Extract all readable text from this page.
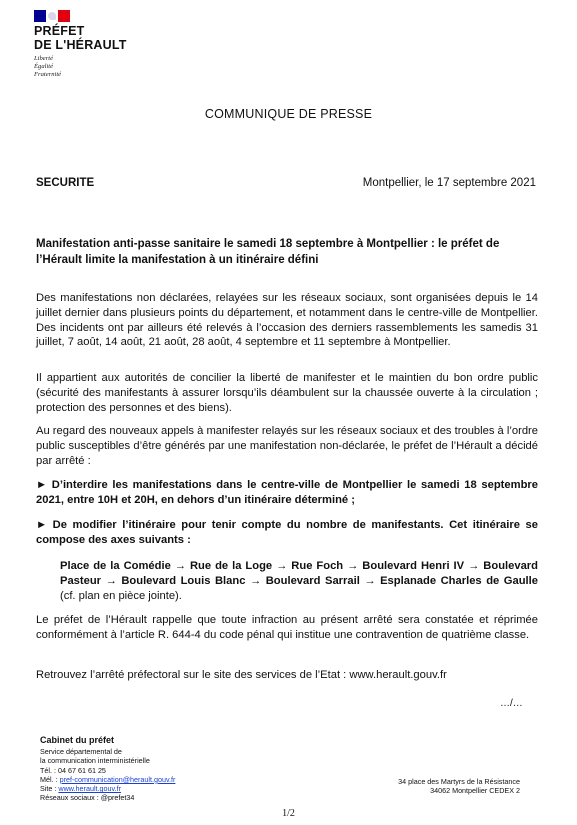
PRÉFET
DE L'HÉRAULT
Liberté
Égalité
Fraternité
COMMUNIQUE DE PRESSE
SECURITE	Montpellier, le 17 septembre 2021
Manifestation anti-passe sanitaire le samedi 18 septembre à Montpellier : le préfet de l’Hérault limite la manifestation à un itinéraire défini
Des manifestations non déclarées, relayées sur les réseaux sociaux, sont organisées depuis le 14 juillet dernier dans plusieurs points du département, et notamment dans le centre-ville de Montpellier. Des incidents ont par ailleurs été relevés à l’occasion des derniers rassemblements les samedis 31 juillet, 7 août, 14 août, 21 août, 28 août, 4 septembre et 11 septembre à Montpellier.
Il appartient aux autorités de concilier la liberté de manifester et le maintien du bon ordre public (sécurité des manifestants à assurer lorsqu’ils déambulent sur la chaussée ouverte à la circulation ; protection des personnes et des biens).
Au regard des nouveaux appels à manifester relayés sur les réseaux sociaux et des troubles à l’ordre public susceptibles d’être générés par une manifestation non-déclarée, le préfet de l’Hérault a décidé par arrêté :
► D’interdire les manifestations dans le centre-ville de Montpellier le samedi 18 septembre 2021, entre 10H et 20H, en dehors d’un itinéraire déterminé ;
► De modifier l’itinéraire pour tenir compte du nombre de manifestants. Cet itinéraire se compose des axes suivants :
Place de la Comédie → Rue de la Loge → Rue Foch → Boulevard Henri IV → Boulevard Pasteur → Boulevard Louis Blanc → Boulevard Sarrail → Esplanade Charles de Gaulle (cf. plan en pièce jointe).
Le préfet de l’Hérault rappelle que toute infraction au présent arrêté sera constatée et réprimée conformément à l’article R. 644-4 du code pénal qui institue une contravention de quatrième classe.
Retrouvez l’arrêté préfectoral sur le site des services de l’Etat : www.herault.gouv.fr
…/…
Cabinet du préfet
Service départemental de
la communication interministérielle
Tél. : 04 67 61 61 25
Mél. : pref-communication@herault.gouv.fr
Site : www.herault.gouv.fr
Réseaux sociaux : @prefet34
34 place des Martyrs de la Résistance
34062 Montpellier CEDEX 2
1/2
